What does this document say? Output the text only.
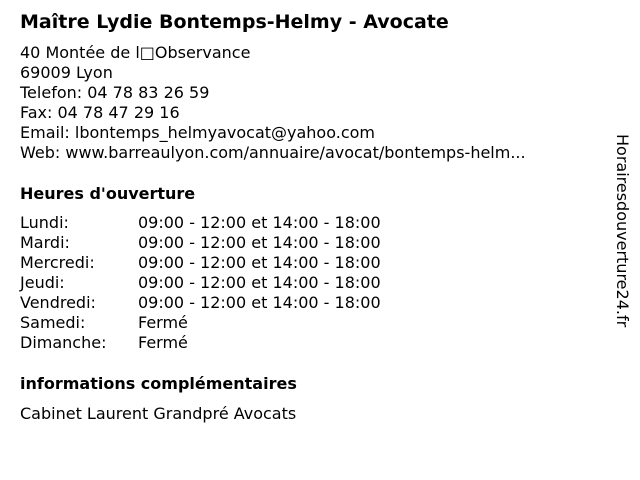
Maître Lydie Bontemps-Helmy - Avocate
40 Montée de l□Observance
69009 Lyon
Telefon: 04 78 83 26 59
Fax: 04 78 47 29 16
Email: lbontemps_helmyavocat@yahoo.com
Web: www.barreaulyon.com/annuaire/avocat/bontemps-helm...
Heures d'ouverture
Lundi:	09:00 - 12:00 et 14:00 - 18:00
Mardi:	09:00 - 12:00 et 14:00 - 18:00
Mercredi:	09:00 - 12:00 et 14:00 - 18:00
Jeudi:	09:00 - 12:00 et 14:00 - 18:00
Vendredi:	09:00 - 12:00 et 14:00 - 18:00
Samedi:	Fermé
Dimanche: Fermé
informations complémentaires
Cabinet Laurent Grandpré Avocats
Horairesdouverture24.fr
